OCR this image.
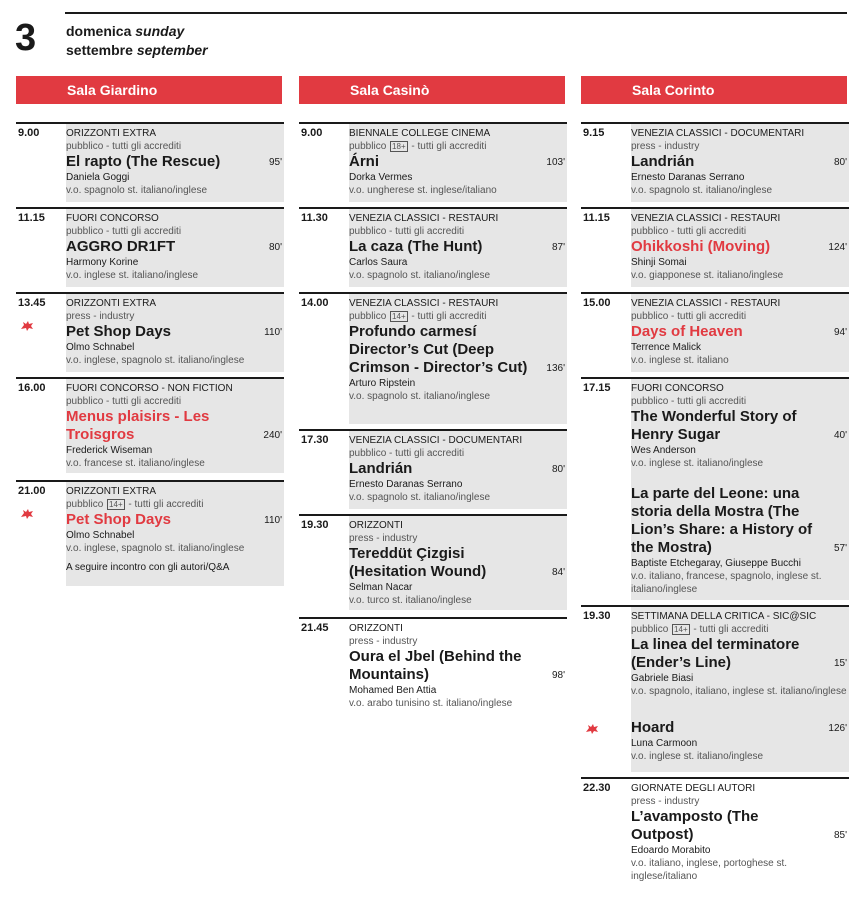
3 domenica sunday
settembre september
Sala Giardino
9.00	ORIZZONTI EXTRA
pubblico - tutti gli accrediti
El rapto (The Rescue)	95'
Daniela Goggi
v.o. spagnolo st. italiano/inglese
11.15 FUORI CONCORSO
pubblico - tutti gli accrediti
AGGRO DR1FT	80'
Harmony Korine
v.o. inglese st. italiano/inglese
13.45 ORIZZONTI EXTRA
press - industry
Pet Shop Days	110'
Olmo Schnabel
v.o. inglese, spagnolo st. italiano/inglese
16.00 FUORI CONCORSO - NON FICTION
pubblico - tutti gli accrediti
Menus plaisirs - Les Troisgros	240'
Frederick Wiseman
v.o. francese st. italiano/inglese
21.00 ORIZZONTI EXTRA
pubblico 14+ - tutti gli accrediti
Pet Shop Days	110'
Olmo Schnabel
v.o. inglese, spagnolo st. italiano/inglese
A seguire incontro con gli autori/Q&A
Sala Casinò
9.00	BIENNALE COLLEGE CINEMA
pubblico 18+ - tutti gli accrediti
Árni	103'
Dorka Vermes
v.o. ungherese st. inglese/italiano
11.30 VENEZIA CLASSICI - RESTAURI
pubblico - tutti gli accrediti
La caza (The Hunt)	87'
Carlos Saura
v.o. spagnolo st. italiano/inglese
14.00 VENEZIA CLASSICI - RESTAURI
pubblico 14+ - tutti gli accrediti
Profundo carmesí Director’s Cut (Deep Crimson - Director’s Cut)	136'
Arturo Ripstein
v.o. spagnolo st. italiano/inglese
17.30 VENEZIA CLASSICI - DOCUMENTARI
pubblico - tutti gli accrediti
Landrián	80'
Ernesto Daranas Serrano
v.o. spagnolo st. italiano/inglese
19.30 ORIZZONTI
press - industry
Tereddüt Çizgisi (Hesitation Wound)	84'
Selman Nacar
v.o. turco st. italiano/inglese
21.45 ORIZZONTI
press - industry
Oura el Jbel (Behind the Mountains)	98'
Mohamed Ben Attia
v.o. arabo tunisino st. italiano/inglese
Sala Corinto
9.15	VENEZIA CLASSICI - DOCUMENTARI
press - industry
Landrián	80'
Ernesto Daranas Serrano
v.o. spagnolo st. italiano/inglese
11.15 VENEZIA CLASSICI - RESTAURI
pubblico - tutti gli accrediti
Ohikkoshi (Moving)	124'
Shinji Somai
v.o. giapponese st. italiano/inglese
15.00 VENEZIA CLASSICI - RESTAURI
pubblico - tutti gli accrediti
Days of Heaven	94'
Terrence Malick
v.o. inglese st. italiano
17.15 FUORI CONCORSO
pubblico - tutti gli accrediti
The Wonderful Story of Henry Sugar	40'
Wes Anderson
v.o. inglese st. italiano/inglese
La parte del Leone: una storia della Mostra (The Lion’s Share: a History of the Mostra)	57'
Baptiste Etchegaray, Giuseppe Bucchi
v.o. italiano, francese, spagnolo, inglese st. italiano/inglese
19.30 SETTIMANA DELLA CRITICA - SIC@SIC
pubblico 14+ - tutti gli accrediti
La linea del terminatore (Ender’s Line)	15'
Gabriele Biasi
v.o. spagnolo, italiano, inglese st. italiano/inglese
Hoard	126'
Luna Carmoon
v.o. inglese st. italiano/inglese
22.30 GIORNATE DEGLI AUTORI
press - industry
L’avamposto (The Outpost)	85'
Edoardo Morabito
v.o. italiano, inglese, portoghese st. inglese/italiano
